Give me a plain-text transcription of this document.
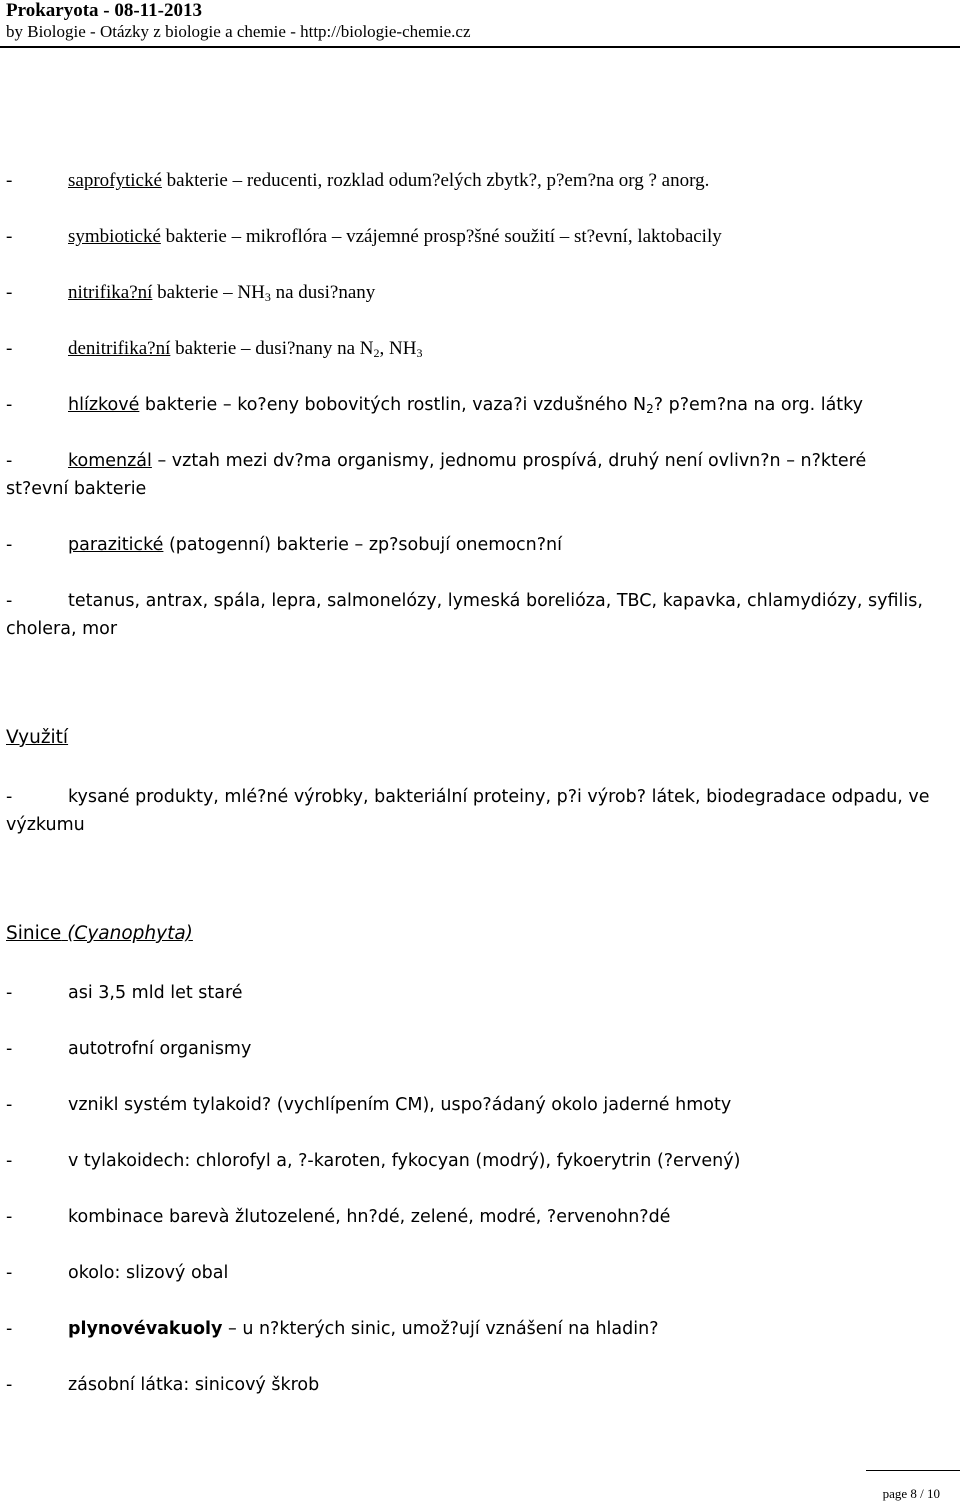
Prokaryota - 08-11-2013
by Biologie - Otázky z biologie a chemie - http://biologie-chemie.cz
-	saprofytické bakterie – reducenti, rozklad odum?elých zbytk?, p?em?na org ? anorg.
-	symbiotické bakterie – mikroflóra – vzájemné prosp?šné soužití – st?evní, laktobacily
-	nitrifika?ní bakterie – $NH_3$ na dusi?nany
-	denitrifika?ní bakterie – dusi?nany na $N_2$, $NH_3$
-	hlízkové bakterie – ko?eny bobovitých rostlin, vaza?i vzdušného $N_2$? p?em?na na org. látky
-	komenzál – vztah mezi dv?ma organismy, jednomu prospívá, druhý není ovlivn?n – n?které
st?evní bakterie
-	parazitické (patogenní) bakterie – zp?sobují onemocn?ní
-	tetanus, antrax, spála, lepra, salmonelózy, lymeská borelióza, TBC, kapavka, chlamydiózy, syfilis,
cholera, mor
Využití
-	kysané produkty, mlé?né výrobky, bakteriální proteiny, p?i výrob? látek, biodegradace odpadu, ve
výzkumu
Sinice (Cyanophyta)
-	asi 3,5 mld let staré
-	autotrofní organismy
-	vznikl systém tylakoid? (vychlípením CM), uspo?ádaný okolo jaderné hmoty
-	v tylakoidech: chlorofyl a, ?-karoten, fykocyan (modrý), fykoerytrin (?ervený)
-	kombinace barevà žlutozelené, hn?dé, zelené, modré, ?ervenohn?dé
-	okolo: slizový obal
-	plynovévakuoly – u n?kterých sinic, umož?ují vznášení na hladin?
-	zásobní látka: sinicový škrob
page 8 / 10
